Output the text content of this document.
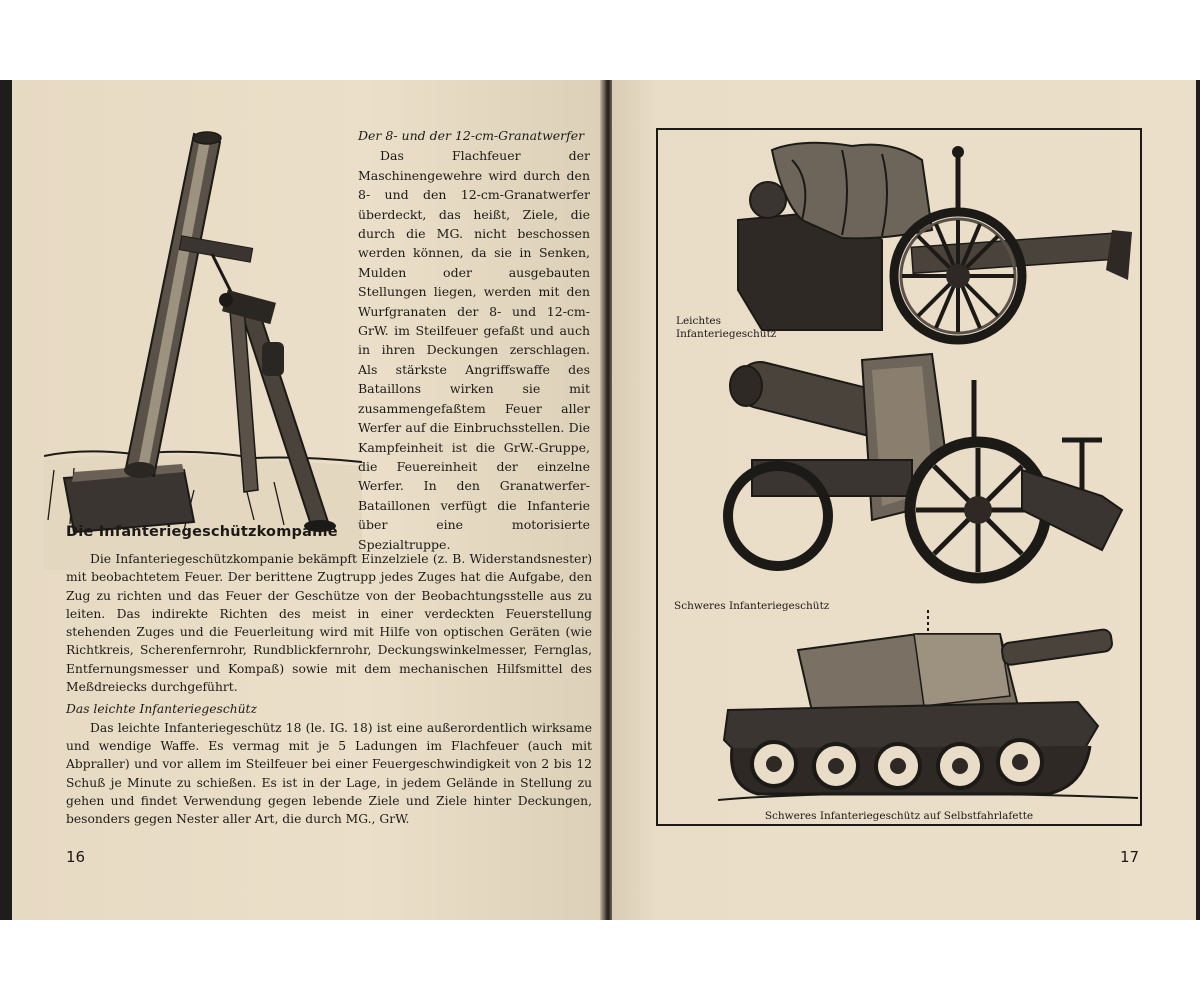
Der 8- und der 12-cm-Granatwerfer

Das Flachfeuer der Maschinengewehre wird durch den 8- und den 12-cm-Granatwerfer überdeckt, das heißt, Ziele, die durch die MG. nicht beschossen werden können, da sie in Senken, Mulden oder ausgebauten Stellungen liegen, werden mit den Wurfgranaten der 8- und 12-cm-GrW. im Steilfeuer gefaßt und auch in ihren Deckungen zerschlagen. Als stärkste Angriffswaffe des Bataillons wirken sie mit zusammengefaßtem Feuer aller Werfer auf die Einbruchsstellen. Die Kampfeinheit ist die GrW.-Gruppe, die Feuereinheit der einzelne Werfer. In den Granatwerfer-Bataillonen verfügt die Infanterie über eine motorisierte Spezialtruppe.

Die Infanteriegeschützkompanie

Die Infanteriegeschützkompanie bekämpft Einzelziele (z. B. Widerstandsnester) mit beobachtetem Feuer. Der berittene Zugtrupp jedes Zuges hat die Aufgabe, den Zug zu richten und das Feuer der Geschütze von der Beobachtungsstelle aus zu leiten. Das indirekte Richten des meist in einer verdeckten Feuerstellung stehenden Zuges und die Feuerleitung wird mit Hilfe von optischen Geräten (wie Richtkreis, Scherenfernrohr, Rundblickfernrohr, Deckungswinkelmesser, Fernglas, Entfernungsmesser und Kompaß) sowie mit dem mechanischen Hilfsmittel des Meßdreiecks durchgeführt.

Das leichte Infanteriegeschütz

Das leichte Infanteriegeschütz 18 (le. IG. 18) ist eine außerordentlich wirksame und wendige Waffe. Es vermag mit je 5 Ladungen im Flachfeuer (auch mit Abpraller) und vor allem im Steilfeuer bei einer Feuergeschwindigkeit von 2 bis 12 Schuß je Minute zu schießen. Es ist in der Lage, in jedem Gelände in Stellung zu gehen und findet Verwendung gegen lebende Ziele und Ziele hinter Deckungen, besonders gegen Nester aller Art, die durch MG., GrW.

16
Leichtes Infanteriegeschütz
Schweres Infanteriegeschütz
Schweres Infanteriegeschütz auf Selbstfahrlafette
17
